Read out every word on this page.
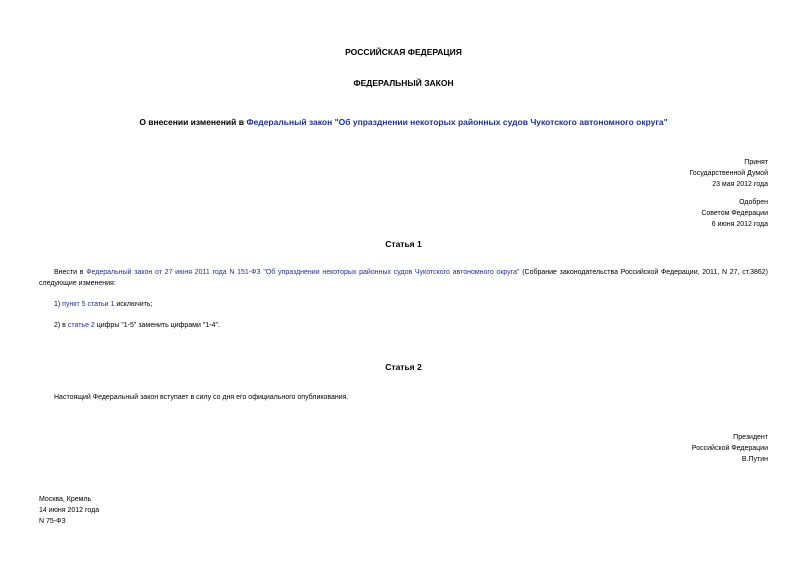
РОССИЙСКАЯ ФЕДЕРАЦИЯ
ФЕДЕРАЛЬНЫЙ ЗАКОН
О внесении изменений в Федеральный закон "Об упразднении некоторых районных судов Чукотского автономного округа"
Принят
Государственной Думой
23 мая 2012 года
Одобрен
Советом Федерации
6 июня 2012 года
Статья 1
Внести в Федеральный закон от 27 июня 2011 года N 151-ФЗ "Об упразднении некоторых районных судов Чукотского автономного округа" (Собрание законодательства Российской Федерации, 2011, N 27, ст.3862) следующие изменения:
1) пункт 5 статьи 1 исключить;
2) в статье 2 цифры "1-5" заменить цифрами "1-4".
Статья 2
Настоящий Федеральный закон вступает в силу со дня его официального опубликования.
Президент
Российской Федерации
В.Путин
Москва, Кремль
14 июня 2012 года
N 75-ФЗ
